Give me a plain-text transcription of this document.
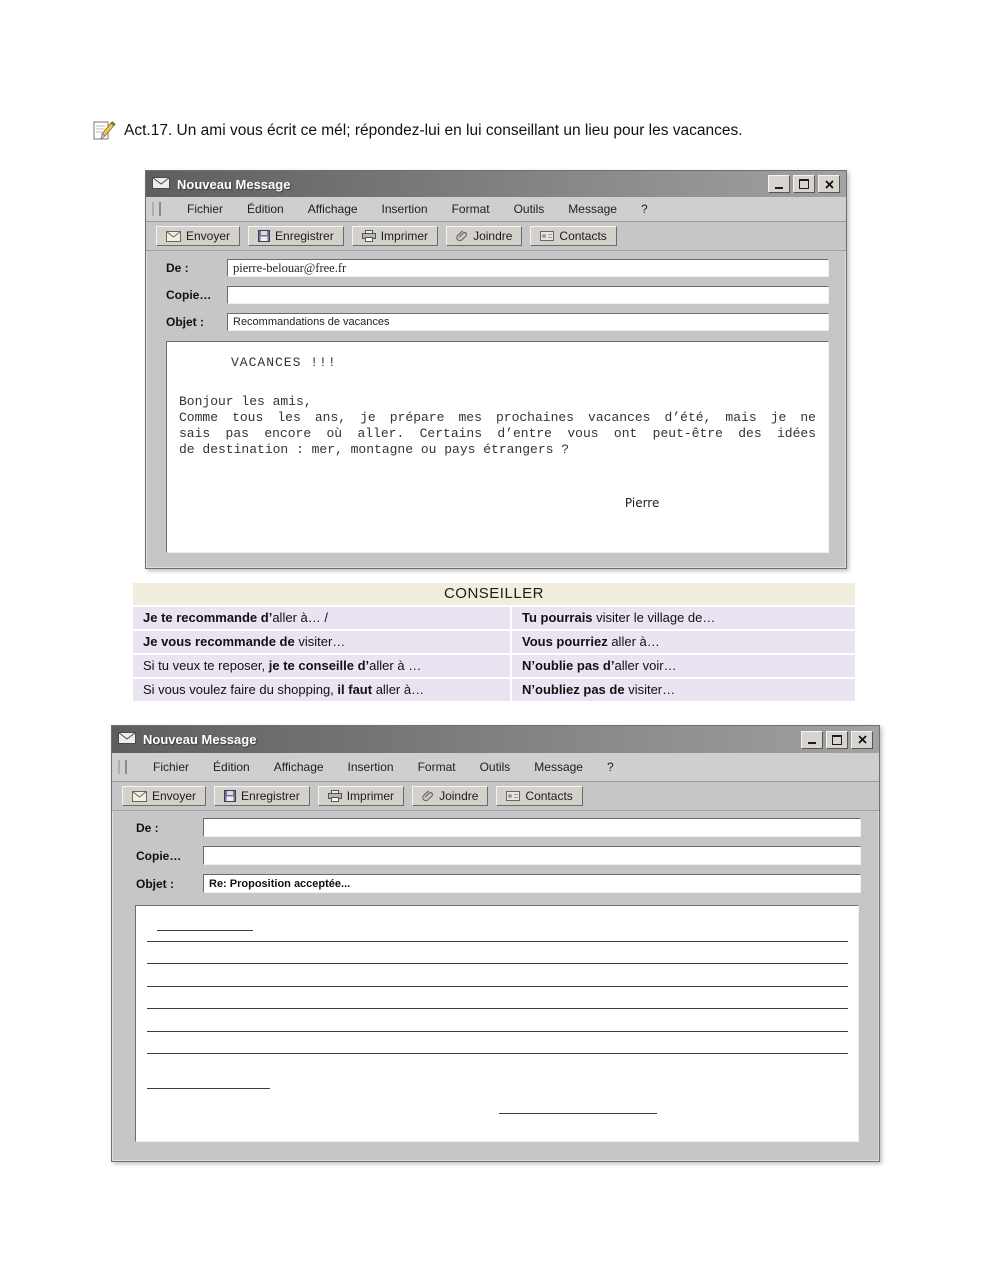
Act.17. Un ami vous écrit ce mél; répondez-lui en lui conseillant un lieu pour les vacances.
Nouveau Message
Fichier Édition Affichage Insertion Format Outils Message ?
Envoyer	Enregistrer	Imprimer	Joindre	Contacts
De :
pierre-belouar@free.fr
Copie…
Objet :
Recommandations de vacances
VACANCES !!!
Bonjour les amis,
Comme tous les ans, je prépare mes prochaines vacances d’été, mais je ne
sais pas encore où aller. Certains d’entre vous ont peut-être des idées
de destination : mer, montagne ou pays étrangers ?
Pierre
CONSEILLER
Je te recommande d’aller à… /	Tu pourrais visiter le village de…
Je vous recommande de visiter…	Vous pourriez aller à…
Si tu veux te reposer, je te conseille d’aller à …	N’oublie pas d’aller voir…
Si vous voulez faire du shopping, il faut aller à…	N’oubliez pas de visiter…
Nouveau Message
Fichier Édition Affichage Insertion Format Outils Message ?
Envoyer	Enregistrer	Imprimer	Joindre	Contacts
De :
Copie…
Objet :
Re: Proposition acceptée...
